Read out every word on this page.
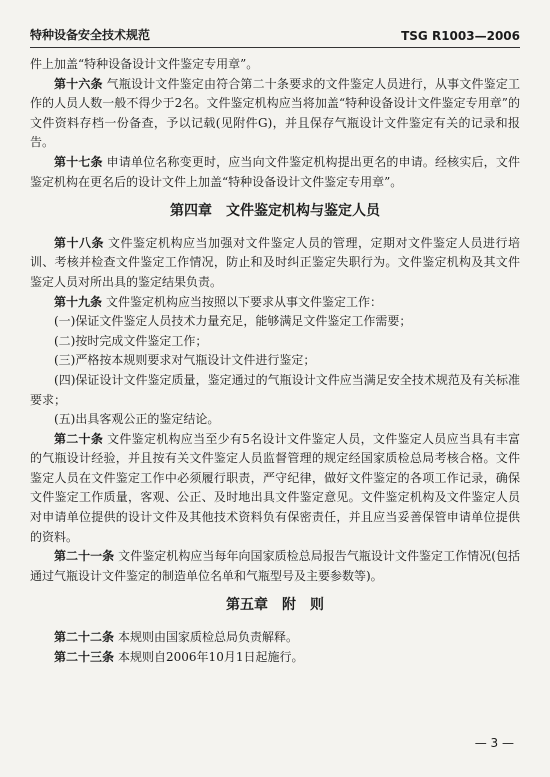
特种设备安全技术规范	TSG R1003—2006

件上加盖“特种设备设计文件鉴定专用章”。

第十六条 气瓶设计文件鉴定由符合第二十条要求的文件鉴定人员进行，从事文件鉴定工作的人员人数一般不得少于2名。文件鉴定机构应当将加盖“特种设备设计文件鉴定专用章”的文件资料存档一份备查，予以记载(见附件G)，并且保存气瓶设计文件鉴定有关的记录和报告。

第十七条 申请单位名称变更时，应当向文件鉴定机构提出更名的申请。经核实后，文件鉴定机构在更名后的设计文件上加盖“特种设备设计文件鉴定专用章”。

第四章　文件鉴定机构与鉴定人员

第十八条 文件鉴定机构应当加强对文件鉴定人员的管理，定期对文件鉴定人员进行培训、考核并检查文件鉴定工作情况，防止和及时纠正鉴定失职行为。文件鉴定机构及其文件鉴定人员对所出具的鉴定结果负责。

第十九条 文件鉴定机构应当按照以下要求从事文件鉴定工作：

(一)保证文件鉴定人员技术力量充足，能够满足文件鉴定工作需要；

(二)按时完成文件鉴定工作；

(三)严格按本规则要求对气瓶设计文件进行鉴定；

(四)保证设计文件鉴定质量，鉴定通过的气瓶设计文件应当满足安全技术规范及有关标准要求；

(五)出具客观公正的鉴定结论。

第二十条 文件鉴定机构应当至少有5名设计文件鉴定人员，文件鉴定人员应当具有丰富的气瓶设计经验，并且按有关文件鉴定人员监督管理的规定经国家质检总局考核合格。文件鉴定人员在文件鉴定工作中必须履行职责，严守纪律，做好文件鉴定的各项工作记录，确保文件鉴定工作质量，客观、公正、及时地出具文件鉴定意见。文件鉴定机构及文件鉴定人员对申请单位提供的设计文件及其他技术资料负有保密责任，并且应当妥善保管申请单位提供的资料。

第二十一条 文件鉴定机构应当每年向国家质检总局报告气瓶设计文件鉴定工作情况(包括通过气瓶设计文件鉴定的制造单位名单和气瓶型号及主要参数等)。

第五章　附　则

第二十二条 本规则由国家质检总局负责解释。

第二十三条 本规则自2006年10月1日起施行。

— 3 —
